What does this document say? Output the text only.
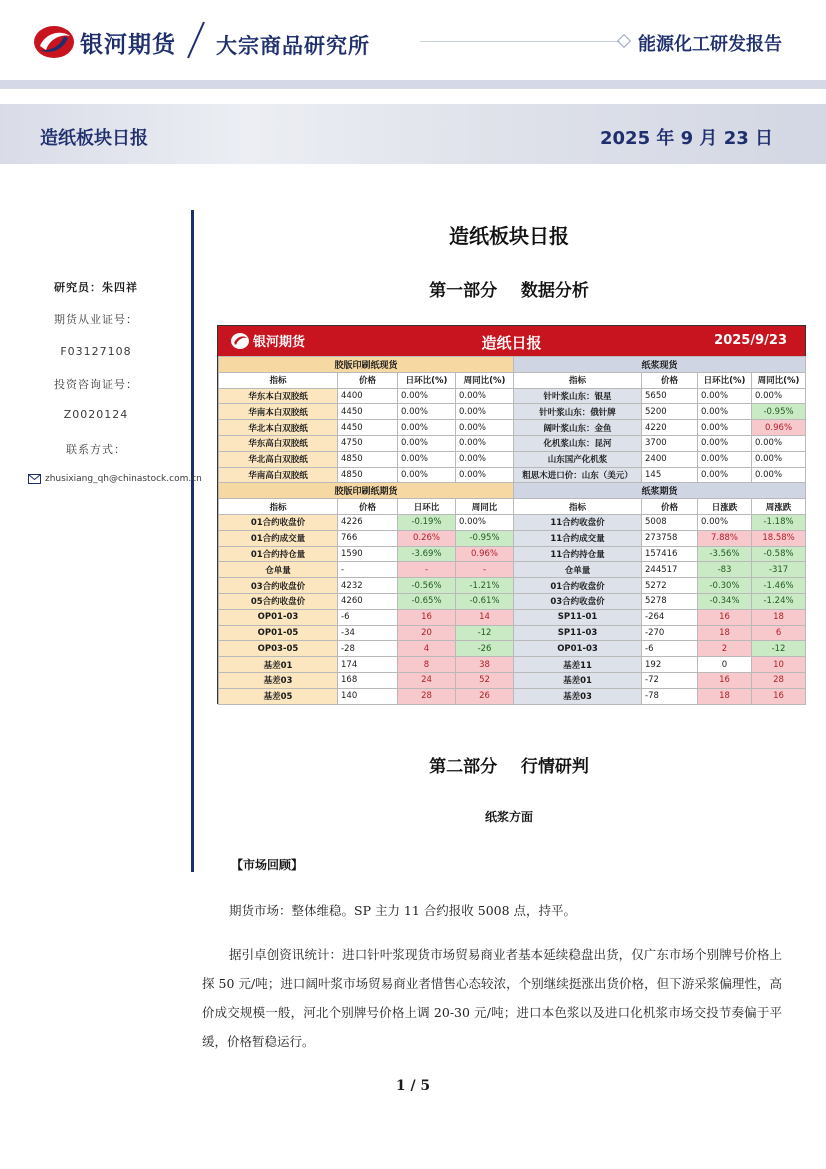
银河期货 大宗商品研究所	能源化工研发报告
造纸板块日报	2025 年 9 月 23 日
研究员：朱四祥
期货从业证号：
F03127108
投资咨询证号：
Z0020124
联系方式：
zhusixiang_qh@chinastock.com.cn
造纸板块日报
第一部分    数据分析
银河期货	造纸日报	2025/9/23
胶版印刷纸现货				纸浆现货			
指标	价格	日环比(%)	周同比(%)	指标	价格	日环比(%)	周同比(%)
华东本白双胶纸	4400	0.00%	0.00%	针叶浆山东：银星	5650	0.00%	0.00%
华南本白双胶纸	4450	0.00%	0.00%	针叶浆山东：俄针牌	5200	0.00%	-0.95%
华北本白双胶纸	4450	0.00%	0.00%	阔叶浆山东：金鱼	4220	0.00%	0.96%
华东高白双胶纸	4750	0.00%	0.00%	化机浆山东：昆河	3700	0.00%	0.00%
华北高白双胶纸	4850	0.00%	0.00%	山东国产化机浆	2400	0.00%	0.00%
华南高白双胶纸	4850	0.00%	0.00%	粗思木进口价：山东（美元）	145	0.00%	0.00%
胶版印刷纸期货				纸浆期货			
指标	价格	日环比	周同比	指标	价格	日涨跌	周涨跌
01合约收盘价	4226	-0.19%	0.00%	11合约收盘价	5008	0.00%	-1.18%
01合约成交量	766	0.26%	-0.95%	11合约成交量	273758	7.88%	18.58%
01合约持仓量	1590	-3.69%	0.96%	11合约持仓量	157416	-3.56%	-0.58%
仓单量	-	-	-	仓单量	244517	-83	-317
03合约收盘价	4232	-0.56%	-1.21%	01合约收盘价	5272	-0.30%	-1.46%
05合约收盘价	4260	-0.65%	-0.61%	03合约收盘价	5278	-0.34%	-1.24%
OP01-03	-6	16	14	SP11-01	-264	16	18
OP01-05	-34	20	-12	SP11-03	-270	18	6
OP03-05	-28	4	-26	OP01-03	-6	2	-12
基差01	174	8	38	基差11	192	0	10
基差03	168	24	52	基差01	-72	16	28
基差05	140	28	26	基差03	-78	18	16
第二部分    行情研判
纸浆方面
【市场回顾】
期货市场：整体维稳。SP 主力 11 合约报收 5008 点，持平。
据引卓创资讯统计：进口针叶浆现货市场贸易商业者基本延续稳盘出货，仅广东市场个别牌号价格上探 50 元/吨；进口阔叶浆市场贸易商业者惜售心态较浓，个别继续挺涨出货价格，但下游采浆偏理性，高价成交规模一般，河北个别牌号价格上调 20-30 元/吨；进口本色浆以及进口化机浆市场交投节奏偏于平缓，价格暂稳运行。
1 / 5
